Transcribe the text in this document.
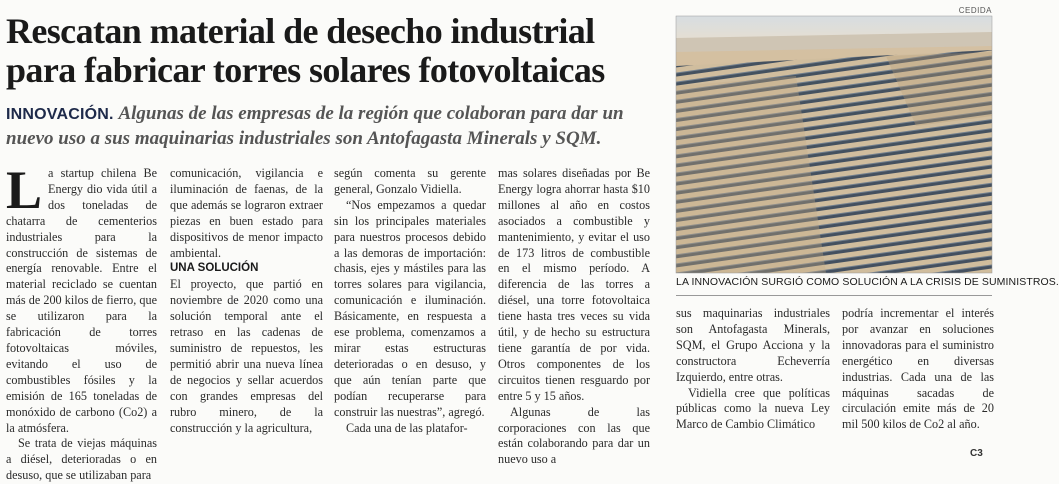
Rescatan material de desecho industrial
para fabricar torres solares fotovoltaicas

INNOVACIÓN. Algunas de las empresas de la región que colaboran para dar un nuevo uso a sus maquinarias industriales son Antofagasta Minerals y SQM.

La startup chilena Be Energy dio vida útil a dos toneladas de chatarra de cementerios industriales para la construcción de sistemas de energía renovable. Entre el material reciclado se cuentan más de 200 kilos de fierro, que se utilizaron para la fabricación de torres fotovoltaicas móviles, evitando el uso de combustibles fósiles y la emisión de 165 toneladas de monóxido de carbono (Co2) a la atmósfera.

Se trata de viejas máquinas a diésel, deterioradas o en desuso, que se utilizaban para

comunicación, vigilancia e iluminación de faenas, de la que además se lograron extraer piezas en buen estado para dispositivos de menor impacto ambiental.

UNA SOLUCIÓN

El proyecto, que partió en noviembre de 2020 como una solución temporal ante el retraso en las cadenas de suministro de repuestos, les permitió abrir una nueva línea de negocios y sellar acuerdos con grandes empresas del rubro minero, de la construcción y la agricultura,

según comenta su gerente general, Gonzalo Vidiella.

“Nos empezamos a quedar sin los principales materiales para nuestros procesos debido a las demoras de importación: chasis, ejes y mástiles para las torres solares para vigilancia, comunicación e iluminación. Básicamente, en respuesta a ese problema, comenzamos a mirar estas estructuras deterioradas o en desuso, y que aún tenían parte que podían recuperarse para construir las nuestras”, agregó.

Cada una de las platafor-

mas solares diseñadas por Be Energy logra ahorrar hasta $10 millones al año en costos asociados a combustible y mantenimiento, y evitar el uso de 173 litros de combustible en el mismo período. A diferencia de las torres a diésel, una torre fotovoltaica tiene hasta tres veces su vida útil, y de hecho su estructura tiene garantía de por vida. Otros componentes de los circuitos tienen resguardo por entre 5 y 15 años.

Algunas de las corporaciones con las que están colaborando para dar un nuevo uso a

CEDIDA
LA INNOVACIÓN SURGIÓ COMO SOLUCIÓN A LA CRISIS DE SUMINISTROS.

sus maquinarias industriales son Antofagasta Minerals, SQM, el Grupo Acciona y la constructora Echeverría Izquierdo, entre otras.

Vidiella cree que políticas públicas como la nueva Ley Marco de Cambio Climático

podría incrementar el interés por avanzar en soluciones innovadoras para el suministro energético en diversas industrias. Cada una de las máquinas sacadas de circulación emite más de 20 mil 500 kilos de Co2 al año.

C3
